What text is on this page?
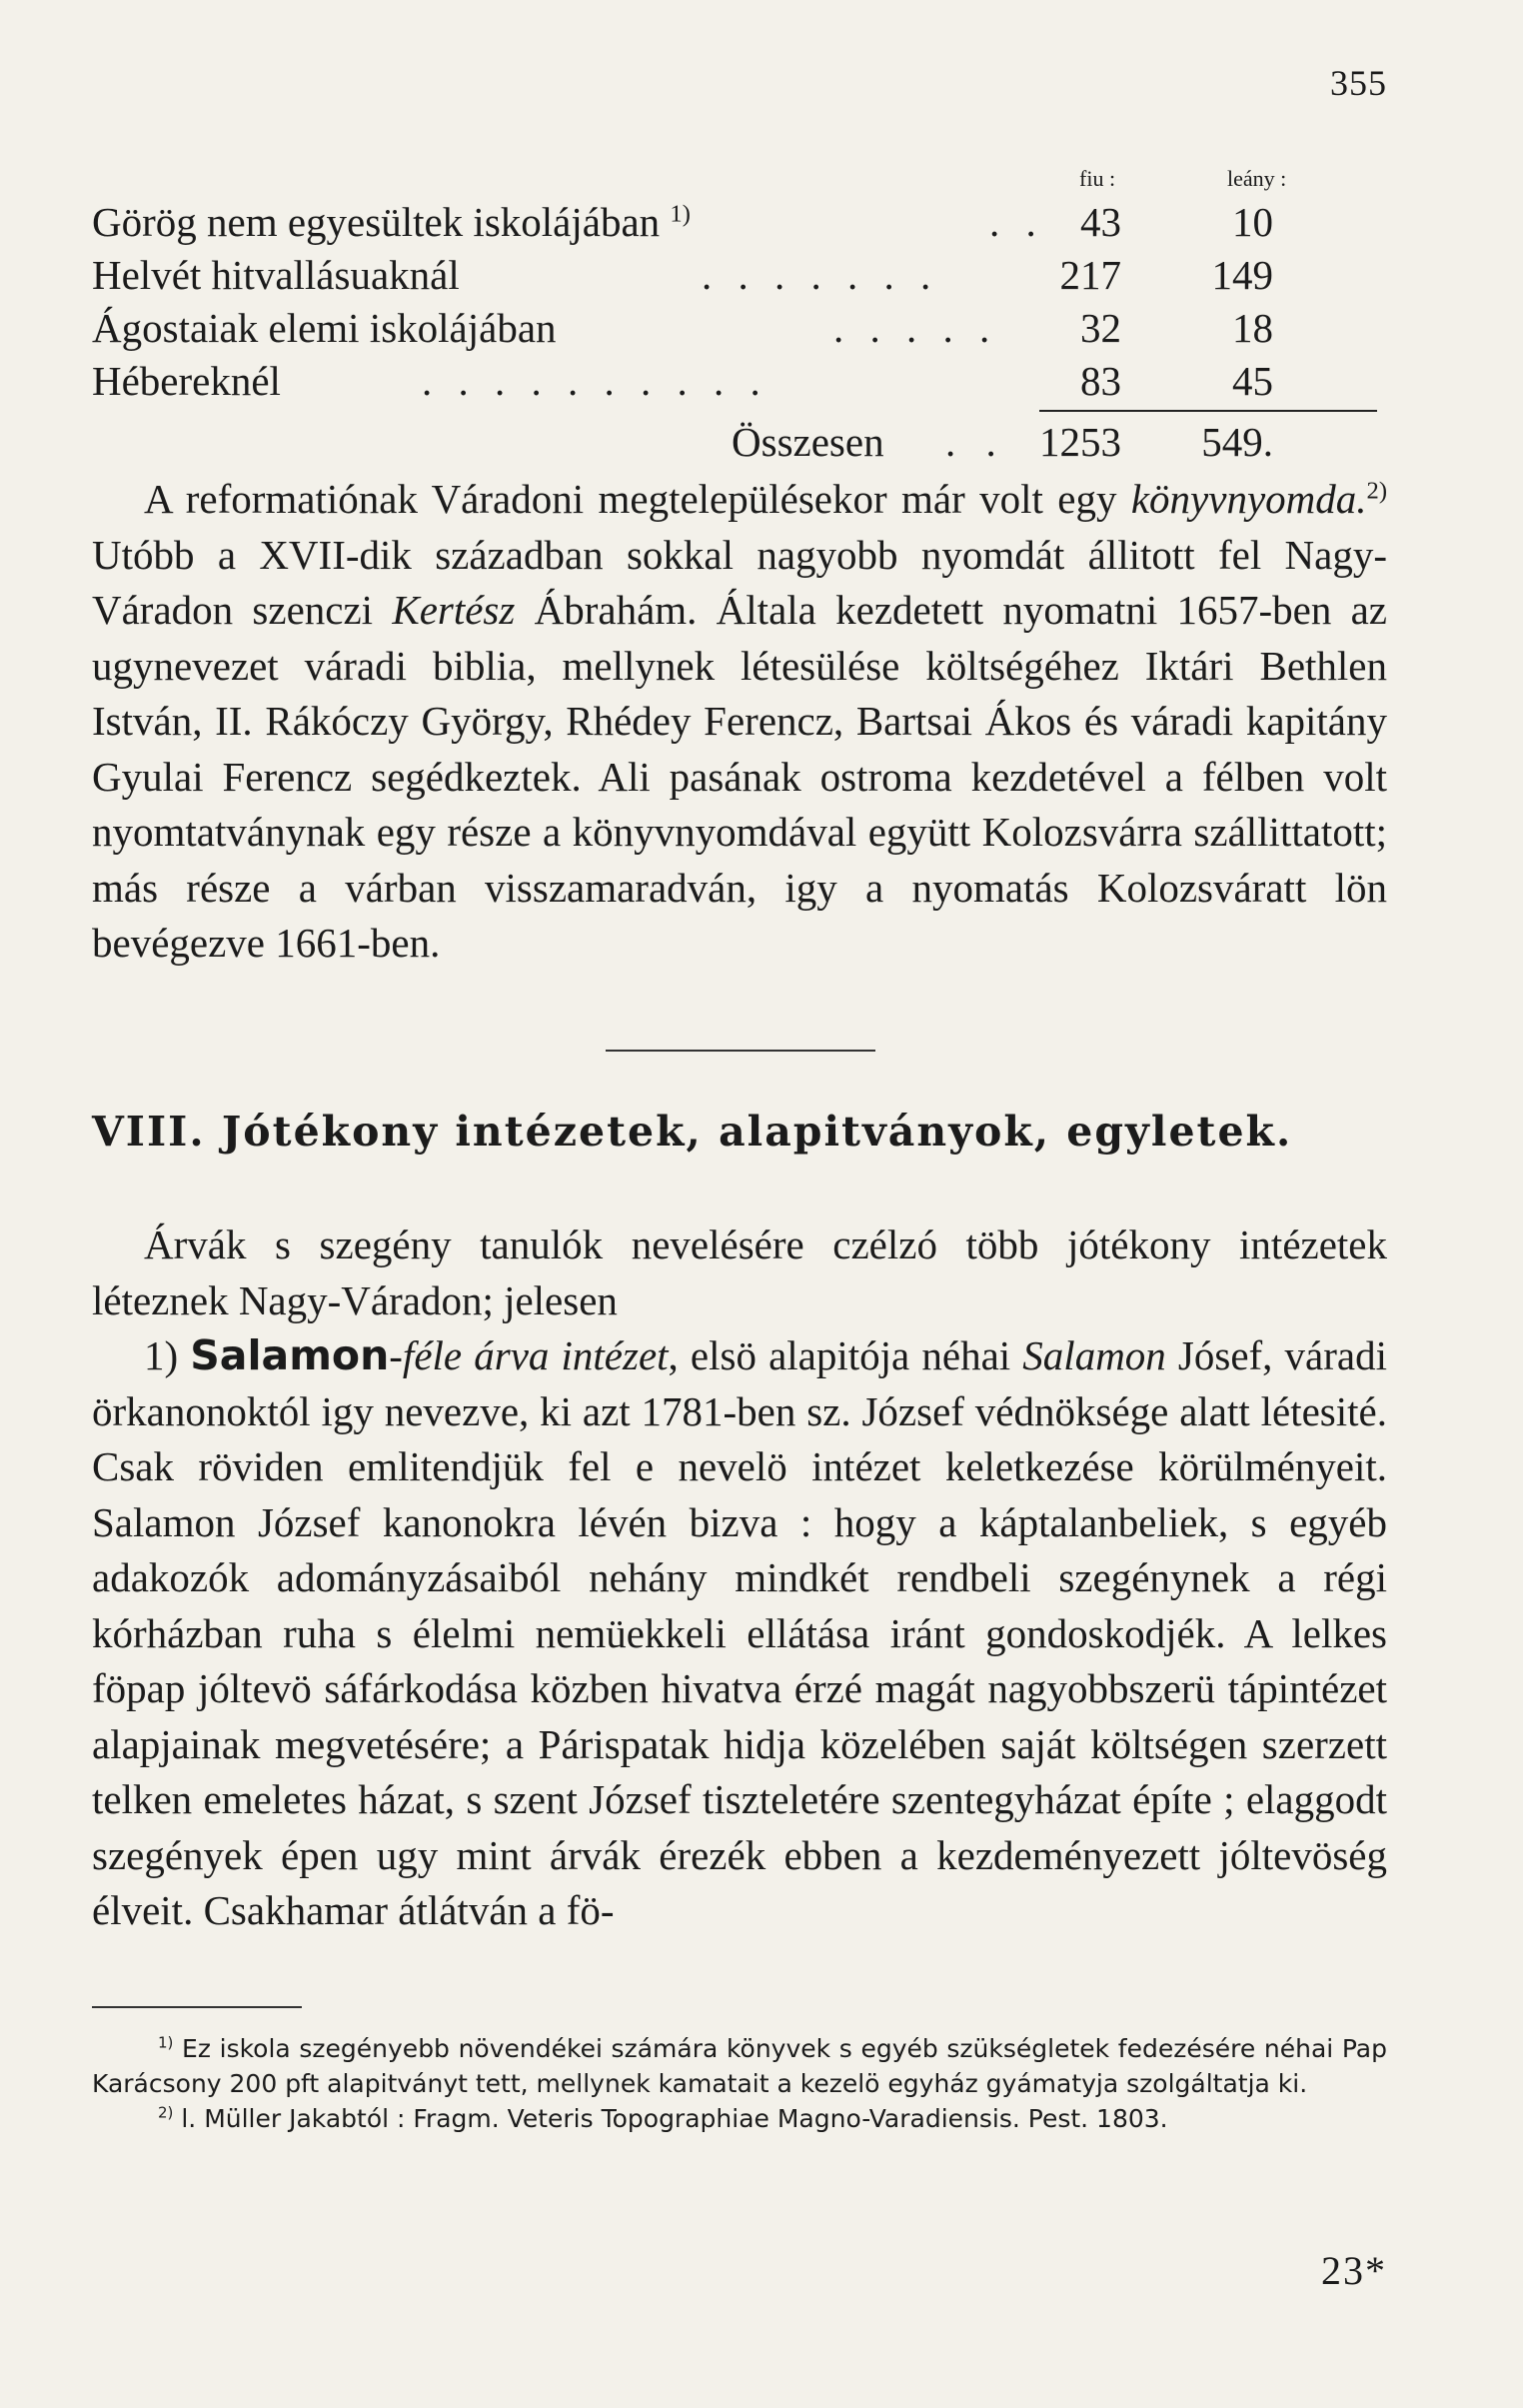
355
fiu :	leány :
Görög nem egyesültek iskolájában $^{1)}$	. . 43	10
Helvét hitvallásuaknál	. . . . . . .	217 149
Ágostaiak elemi iskolájában	. . . . . 32	18
Hébereknél	. . . . . . . . . .	83	45
Összesen . . 1253 549.

A reformatiónak Váradoni megtelepülésekor már volt egy könyvnyomda.$^{2)}$ Utóbb a XVII-dik században sokkal nagyobb nyomdát állitott fel Nagy-Váradon szenczi Kertész Ábrahám. Általa kezdetett nyomatni 1657-ben az ugynevezet váradi biblia, mellynek létesülése költségéhez Iktári Bethlen István, II. Rákóczy György, Rhédey Ferencz, Bartsai Ákos és váradi kapitány Gyulai Ferencz segédkeztek. Ali pasának ostroma kezdetével a félben volt nyomtatványnak egy része a könyvnyomdával együtt Kolozsvárra szállittatott; más része a várban visszamaradván, igy a nyomatás Kolozsváratt lön bevégezve 1661-ben.

VIII. Jótékony intézetek, alapitványok, egyletek.

Árvák s szegény tanulók nevelésére czélzó több jótékony intézetek léteznek Nagy-Váradon; jelesen

1) Salamon-féle árva intézet, elsö alapitója néhai Salamon Jósef, váradi örkanonoktól igy nevezve, ki azt 1781-ben sz. József védnöksége alatt létesité. Csak röviden emlitendjük fel e nevelö intézet keletkezése körülményeit. Salamon József kanonokra lévén bizva : hogy a káptalanbeliek, s egyéb adakozók adományzásaiból nehány mindkét rendbeli szegénynek a régi kórházban ruha s élelmi nemüekkeli ellátása iránt gondoskodjék. A lelkes föpap jóltevö sáfárkodása közben hivatva érzé magát nagyobbszerü tápintézet alapjainak megvetésére; a Párispatak hidja közelében saját költségen szerzett telken emeletes házat, s szent József tiszteletére szentegyházat építe ; elaggodt szegények épen ugy mint árvák érezék ebben a kezdeményezett jóltevöség élveit. Csakhamar átlátván a fö-

$^{1)}$ Ez iskola szegényebb növendékei számára könyvek s egyéb szükségletek fedezésére néhai Pap Karácsony 200 pft alapitványt tett, mellynek kamatait a kezelö egyház gyámatyja szolgáltatja ki.

$^{2)}$ l. Müller Jakabtól : Fragm. Veteris Topographiae Magno-Varadiensis. Pest. 1803.

23*
